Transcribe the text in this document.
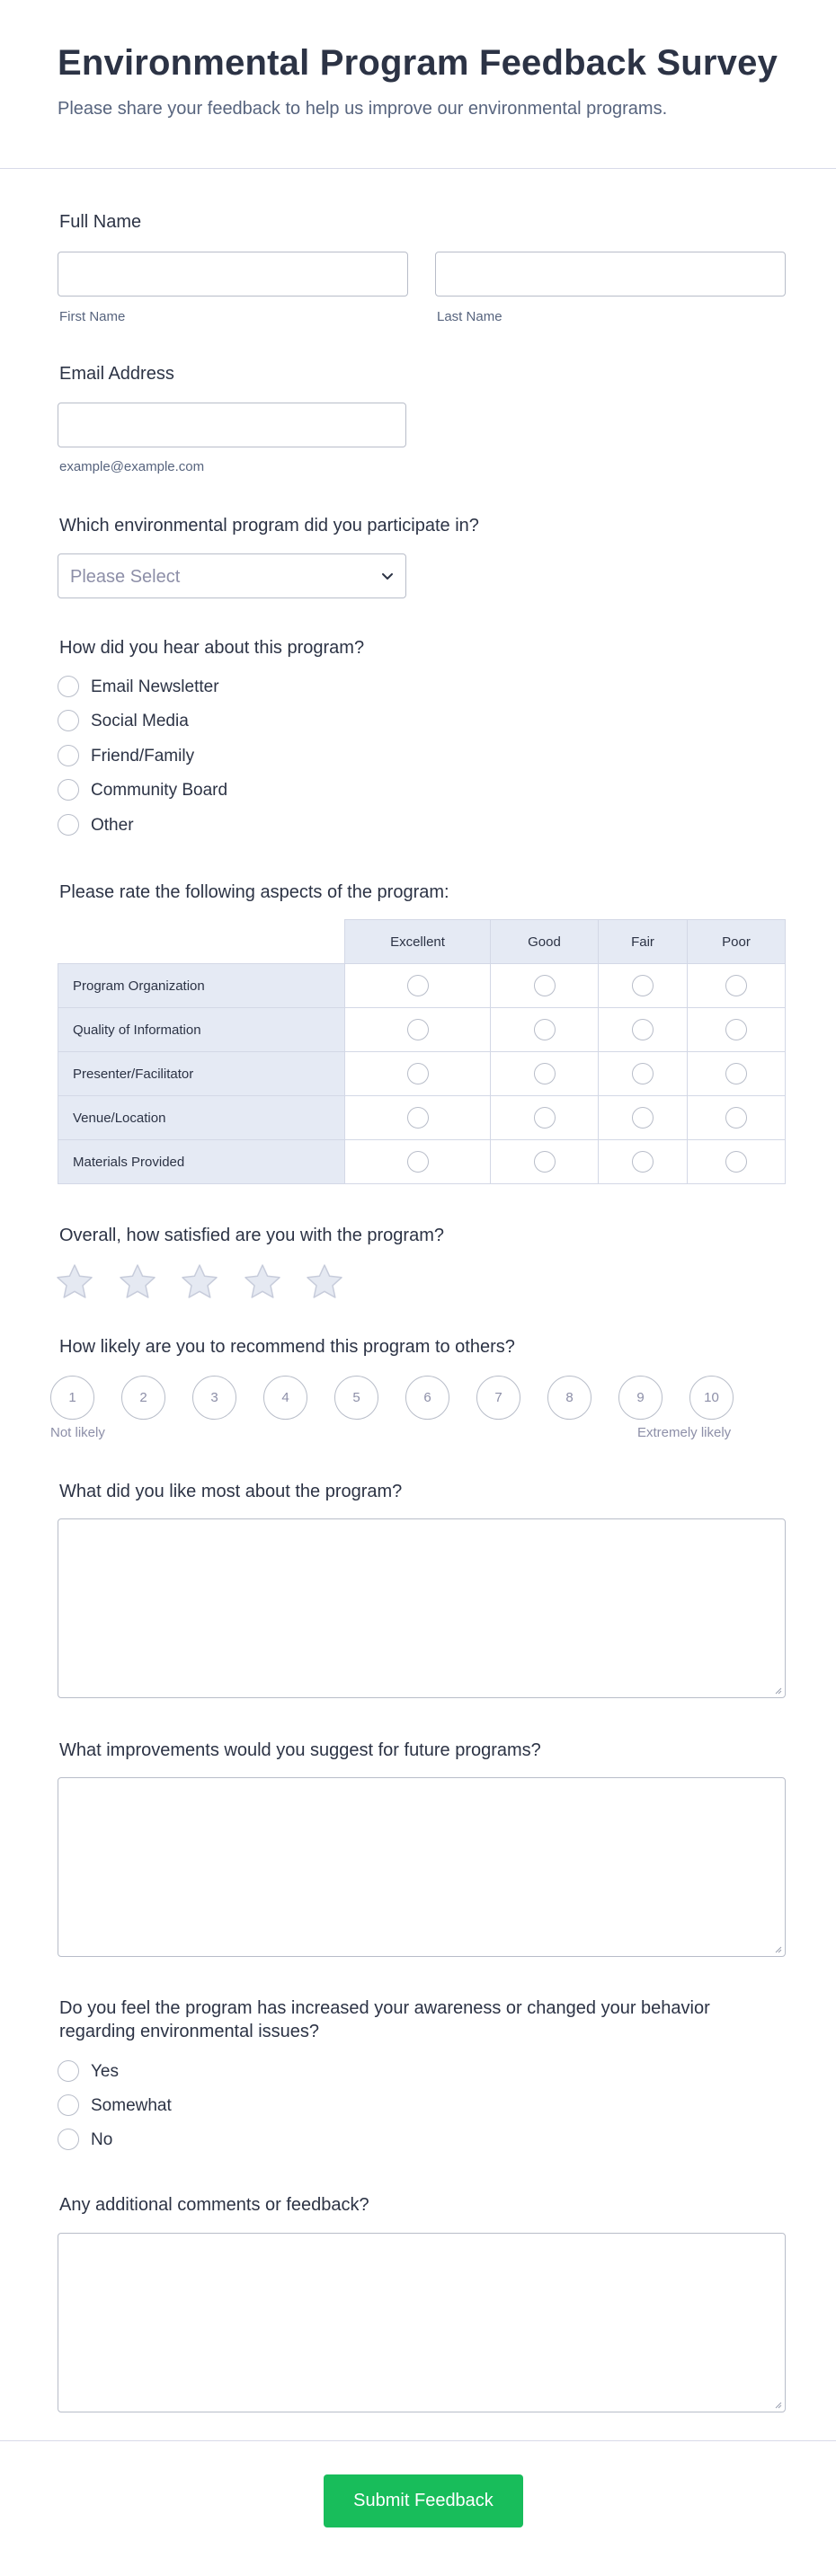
Environmental Program Feedback Survey
Please share your feedback to help us improve our environmental programs.
Full Name
First Name	Last Name
Email Address
example@example.com
Which environmental program did you participate in?
Please Select
How did you hear about this program?
Email Newsletter
Social Media
Friend/Family
Community Board
Other
Please rate the following aspects of the program:
Excellent	Good	Fair	Poor
Program Organization
Quality of Information
Presenter/Facilitator
Venue/Location
Materials Provided
Overall, how satisfied are you with the program?
How likely are you to recommend this program to others?
1	2	3	4	5	6	7	8	9	10
Not likely	Extremely likely
What did you like most about the program?
What improvements would you suggest for future programs?
Do you feel the program has increased your awareness or changed your behavior
regarding environmental issues?
Yes
Somewhat
No
Any additional comments or feedback?
Submit Feedback
